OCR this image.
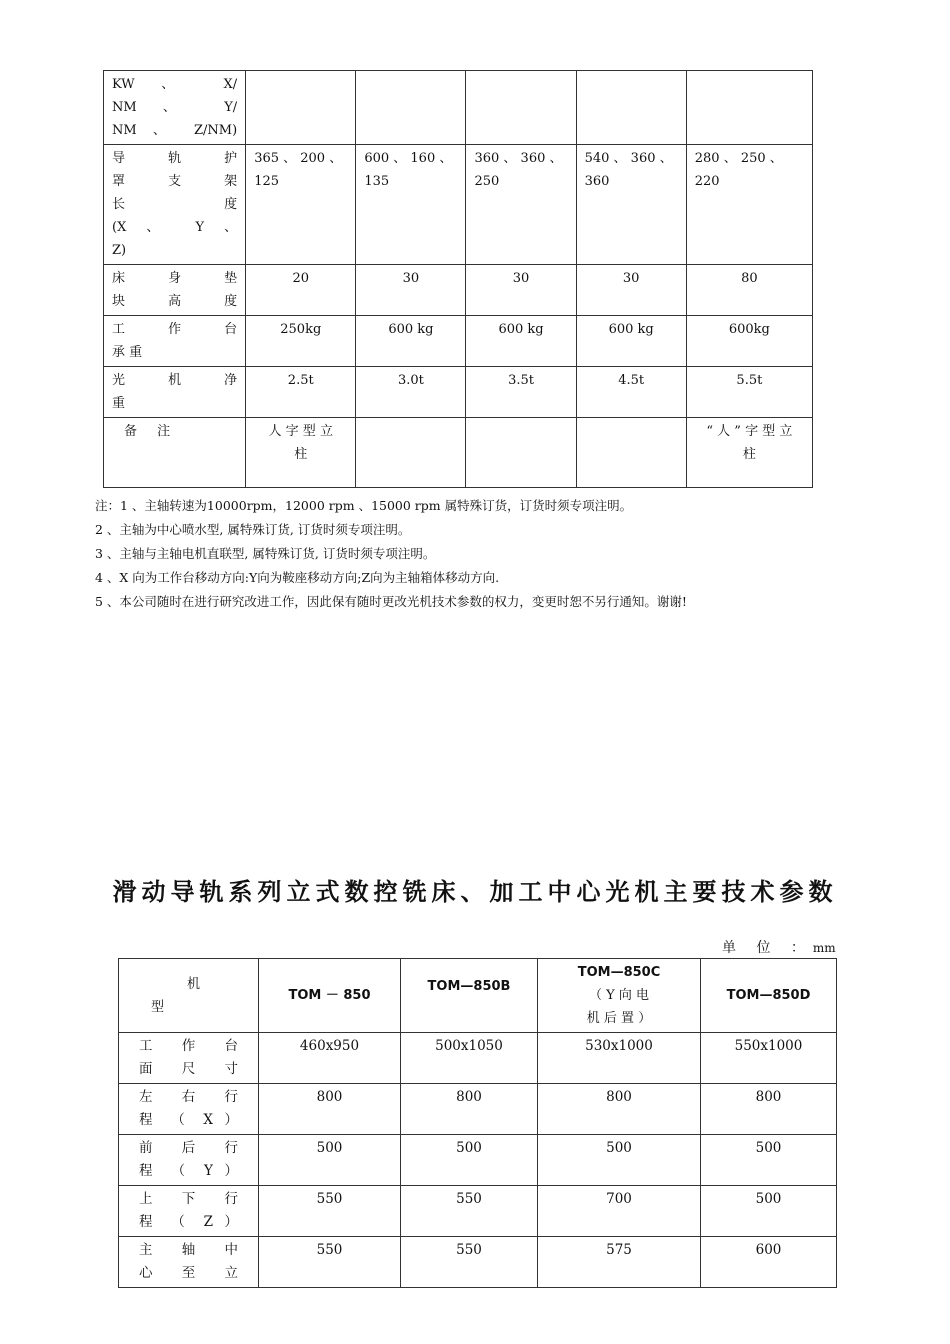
KW 、 X/
NM 、 Y/
NM 、 Z/NM)					

导 轨 护
罩 支 架
长 度
(X 、 Y 、
Z)	365 、 200 、 125	600 、 160 、 135	360 、 360 、 250	540 、 360 、 360	280 、 250 、 220

床 身 垫
块 高 度	20	30	30	30	80

工 作 台
承 重	250kg	600 kg	600 kg	600 kg	600kg

光 机 净
重	2.5t	3.0t	3.5t	4.5t	5.5t

备 注	人 字 型 立 柱				“ 人 ” 字 型 立 柱
注：1 、主轴转速为10000rpm，12000 rpm 、15000 rpm 属特殊订货，订货时须专项注明。
2 、主轴为中心喷水型, 属特殊订货, 订货时须专项注明。
3 、主轴与主轴电机直联型, 属特殊订货, 订货时须专项注明。
4 、X 向为工作台移动方向:Y向为鞍座移动方向;Z向为主轴箱体移动方向.
5 、本公司随时在进行研究改进工作，因此保有随时更改光机技术参数的权力，变更时恕不另行通知。谢谢!
滑动导轨系列立式数控铣床、加工中心光机主要技术参数
单 位 ：mm
机
型	TOM － 850	TOM—850B	TOM—850C
（ Y 向 电
机 后 置 ）	TOM—850D

工 作 台
面 尺 寸	460x950	500x1050	530x1000	550x1000

左 右 行
程 （ X ）	800	800	800	800

前 后 行
程 （ Y ）	500	500	500	500

上 下 行
程 （ Z ）	550	550	700	500

主 轴 中
心 至 立	550	550	575	600
